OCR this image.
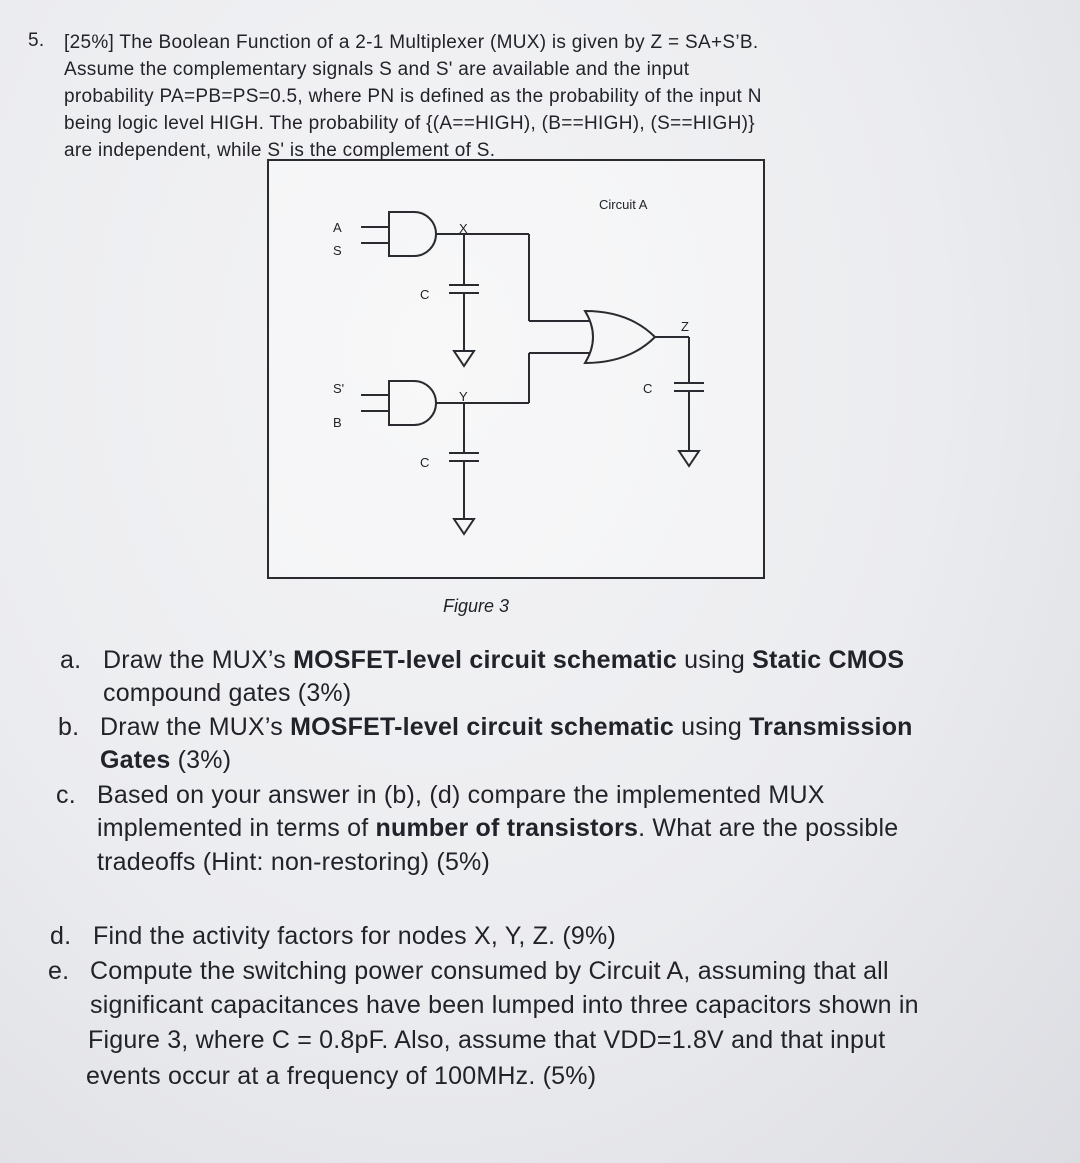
5. [25%] The Boolean Function of a 2-1 Multiplexer (MUX) is given by Z = SA+S’B.
Assume the complementary signals S and S' are available and the input
probability PA=PB=PS=0.5, where PN is defined as the probability of the input N
being logic level HIGH. The probability of {(A==HIGH), (B==HIGH), (S==HIGH)}
are independent, while S' is the complement of S.
Circuit A
A
S
X
C
S'
B
Y
C
Z
C
Figure 3
a. Draw the MUX’s MOSFET-level circuit schematic using Static CMOS
compound gates (3%)
b. Draw the MUX’s MOSFET-level circuit schematic using Transmission
Gates (3%)
c. Based on your answer in (b), (d) compare the implemented MUX
implemented in terms of number of transistors. What are the possible
tradeoffs (Hint: non-restoring) (5%)
d. Find the activity factors for nodes X, Y, Z. (9%)
e. Compute the switching power consumed by Circuit A, assuming that all
significant capacitances have been lumped into three capacitors shown in
Figure 3, where C = 0.8pF. Also, assume that VDD=1.8V and that input
events occur at a frequency of 100MHz. (5%)
